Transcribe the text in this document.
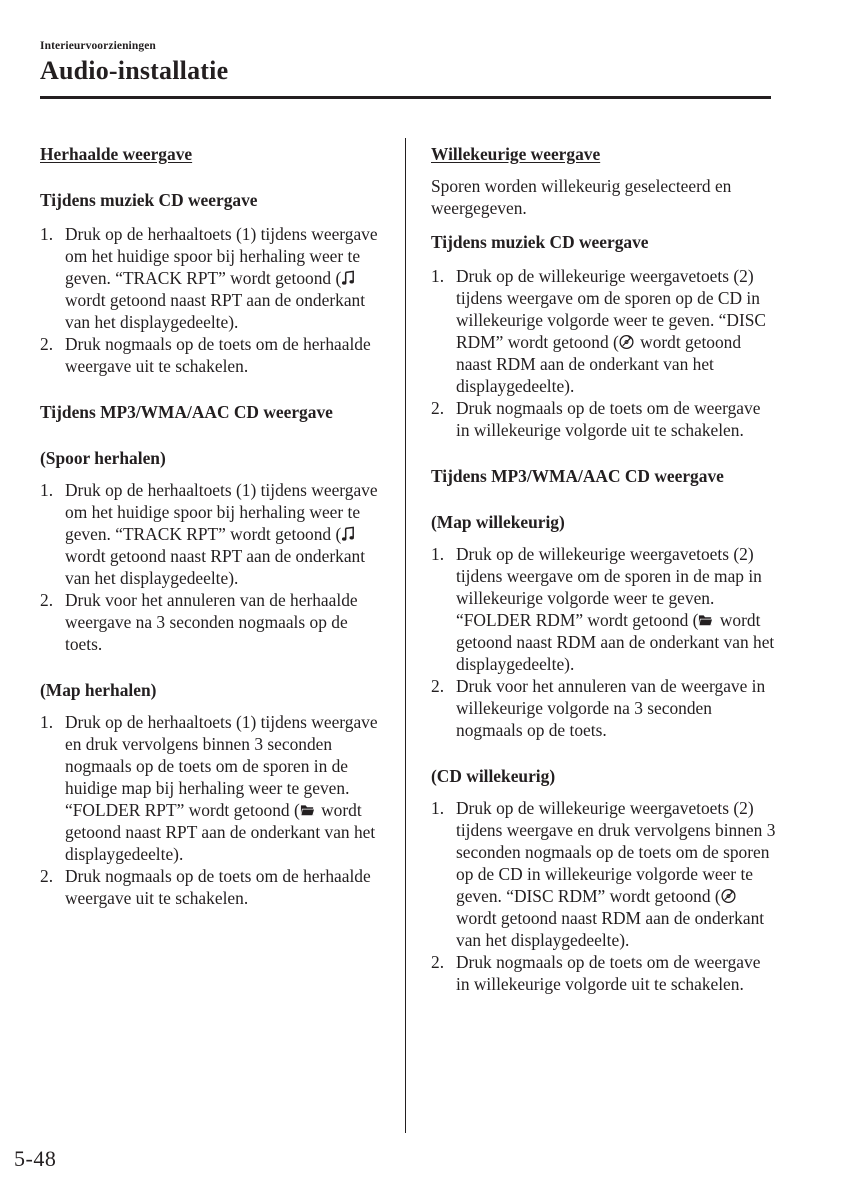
Interieurvoorzieningen
Audio-installatie
Herhaalde weergave
Tijdens muziek CD weergave
1. Druk op de herhaaltoets (1) tijdens weergave om het huidige spoor bij herhaling weer te geven. “TRACK RPT” wordt getoond (wordt getoond naast RPT aan de onderkant van het displaygedeelte).
2. Druk nogmaals op de toets om de herhaalde weergave uit te schakelen.
Tijdens MP3/WMA/AAC CD weergave
(Spoor herhalen)
1. Druk op de herhaaltoets (1) tijdens weergave om het huidige spoor bij herhaling weer te geven. “TRACK RPT” wordt getoond (wordt getoond naast RPT aan de onderkant van het displaygedeelte).
2. Druk voor het annuleren van de herhaalde weergave na 3 seconden nogmaals op de toets.
(Map herhalen)
1. Druk op de herhaaltoets (1) tijdens weergave en druk vervolgens binnen 3 seconden nogmaals op de toets om de sporen in de huidige map bij herhaling weer te geven. “FOLDER RPT” wordt getoond ( wordt getoond naast RPT aan de onderkant van het displaygedeelte).
2. Druk nogmaals op de toets om de herhaalde weergave uit te schakelen.
Willekeurige weergave
Sporen worden willekeurig geselecteerd en weergegeven.
Tijdens muziek CD weergave
1. Druk op de willekeurige weergavetoets (2) tijdens weergave om de sporen op de CD in willekeurige volgorde weer te geven. “DISC RDM” wordt getoond ( wordt getoond naast RDM aan de onderkant van het displaygedeelte).
2. Druk nogmaals op de toets om de weergave in willekeurige volgorde uit te schakelen.
Tijdens MP3/WMA/AAC CD weergave
(Map willekeurig)
1. Druk op de willekeurige weergavetoets (2) tijdens weergave om de sporen in de map in willekeurige volgorde weer te geven. “FOLDER RDM” wordt getoond ( wordt getoond naast RDM aan de onderkant van het displaygedeelte).
2. Druk voor het annuleren van de weergave in willekeurige volgorde na 3 seconden nogmaals op de toets.
(CD willekeurig)
1. Druk op de willekeurige weergavetoets (2) tijdens weergave en druk vervolgens binnen 3 seconden nogmaals op de toets om de sporen op de CD in willekeurige volgorde weer te geven. “DISC RDM” wordt getoond ( wordt getoond naast RDM aan de onderkant van het displaygedeelte).
2. Druk nogmaals op de toets om de weergave in willekeurige volgorde uit te schakelen.
5-48
